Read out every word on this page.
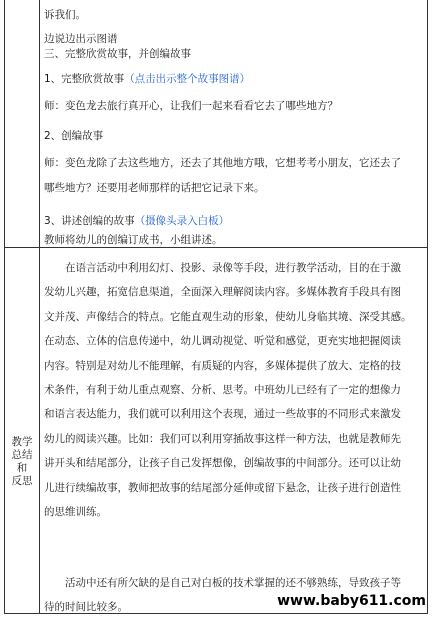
诉我们。
边说边出示图谱
三、完整欣赏故事，并创编故事
1、完整欣赏故事（点击出示整个故事图谱）
师：变色龙去旅行真开心，让我们一起来看看它去了哪些地方？
2、创编故事
师：变色龙除了去这些地方，还去了其他地方哦，它想考考小朋友，它还去了
哪些地方？还要用老师那样的话把它记录下来。
3、讲述创编的故事（摄像头录入白板）
教师将幼儿的创编订成书，小组讲述。
教学
总结
和
反思
在语言活动中利用幻灯、投影、录像等手段，进行教学活动，目的在于激
发幼儿兴趣，拓宽信息渠道，全面深入理解阅读内容。多媒体教育手段具有图
文并茂、声像结合的特点。它能直观生动的形象，使幼儿身临其境、深受其感。
在动态、立体的信息传递中，幼儿调动视觉、听觉和感觉，更充实地把握阅读
内容。特别是对幼儿不能理解，有质疑的内容，多媒体提供了放大、定格的技
术条件，有利于幼儿重点观察、分析、思考。中班幼儿已经有了一定的想像力
和语言表达能力，我们就可以利用这个表现，通过一些故事的不同形式来激发
幼儿的阅读兴趣。比如：我们可以利用穿插故事这样一种方法，也就是教师先
讲开头和结尾部分，让孩子自己发挥想像，创编故事的中间部分。还可以让幼
儿进行续编故事，教师把故事的结尾部分延伸或留下悬念，让孩子进行创造性
的思维训练。
活动中还有所欠缺的是自己对白板的技术掌握的还不够熟练，导致孩子等
待的时间比较多。	www.baby611.com
